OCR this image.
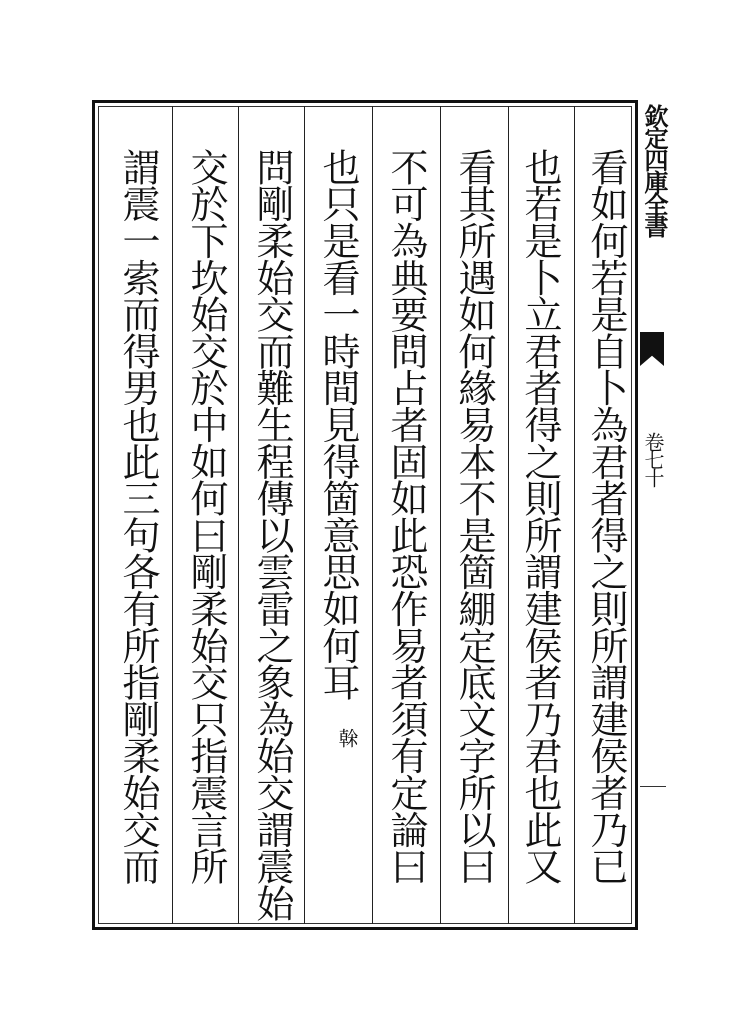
看如何若是自卜為君者得之則所謂建侯者乃已
也若是卜立君者得之則所謂建侯者乃君也此又
看其所遇如何緣易本不是箇綳定底文字所以曰
不可為典要問占者固如此恐作易者須有定論曰
也只是看一時間見得箇意思如何耳
榦
問剛柔始交而難生程傳以雲雷之象為始交謂震始
交於下坎始交於中如何曰剛柔始交只指震言所
謂震一索而得男也此三句各有所指剛柔始交而	欽定四庫全書
卷七十
